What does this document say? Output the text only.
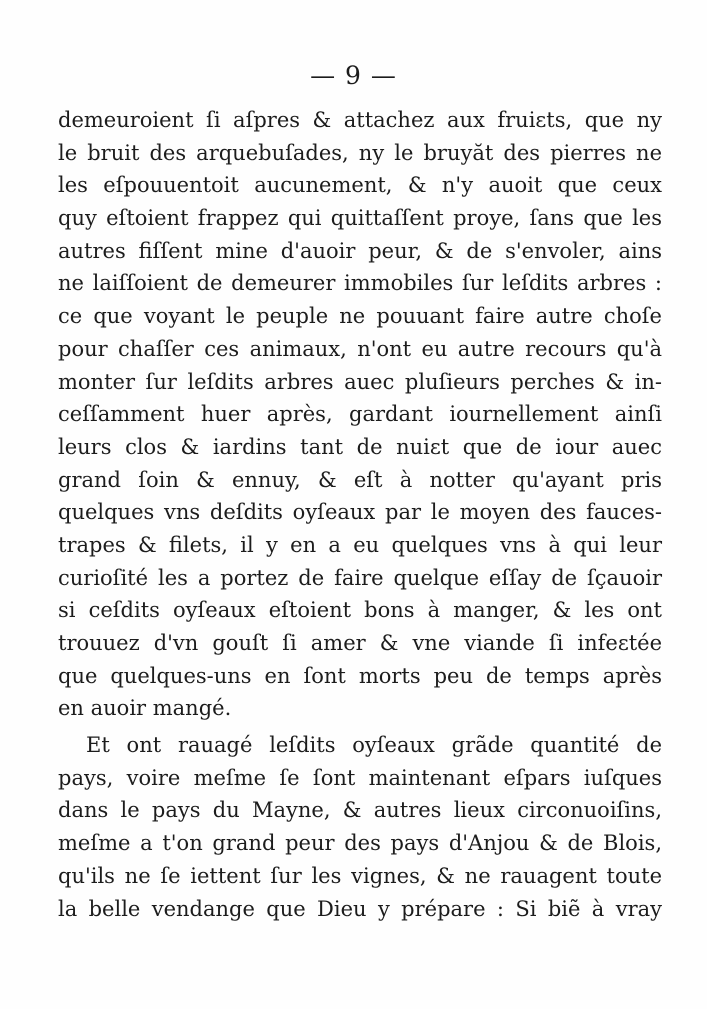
— 9 —
demeuroient ſi aſpres & attachez aux fruiɛts, que ny
le bruit des arquebuſades, ny le bruyăt des pierres ne
les eſpouuentoit aucunement, & n'y auoit que ceux
quy eſtoient frappez qui quittaſſent proye, ſans que les
autres fiſſent mine d'auoir peur, & de s'envoler, ains
ne laiſſoient de demeurer immobiles ſur leſdits arbres :
ce que voyant le peuple ne pouuant faire autre choſe
pour chaſſer ces animaux, n'ont eu autre recours qu'à
monter ſur leſdits arbres auec pluſieurs perches & in-
ceſſamment huer après, gardant iournellement ainſi
leurs clos & iardins tant de nuiɛt que de iour auec
grand ſoin & ennuy, & eſt à notter qu'ayant pris
quelques vns deſdits oyſeaux par le moyen des fauces-
trapes & filets, il y en a eu quelques vns à qui leur
curioſité les a portez de faire quelque eſſay de ſçauoir
si ceſdits oyſeaux eſtoient bons à manger, & les ont
trouuez d'vn gouſt ſi amer & vne viande ſi infeɛtée
que quelques-uns en ſont morts peu de temps après
en auoir mangé.
Et ont rauagé leſdits oyſeaux grãde quantité de
pays, voire meſme ſe ſont maintenant eſpars iuſques
dans le pays du Mayne, & autres lieux circonuoiſins,
meſme a t'on grand peur des pays d'Anjou & de Blois,
qu'ils ne ſe iettent ſur les vignes, & ne rauagent toute
la belle vendange que Dieu y prépare : Si biẽ à vray
